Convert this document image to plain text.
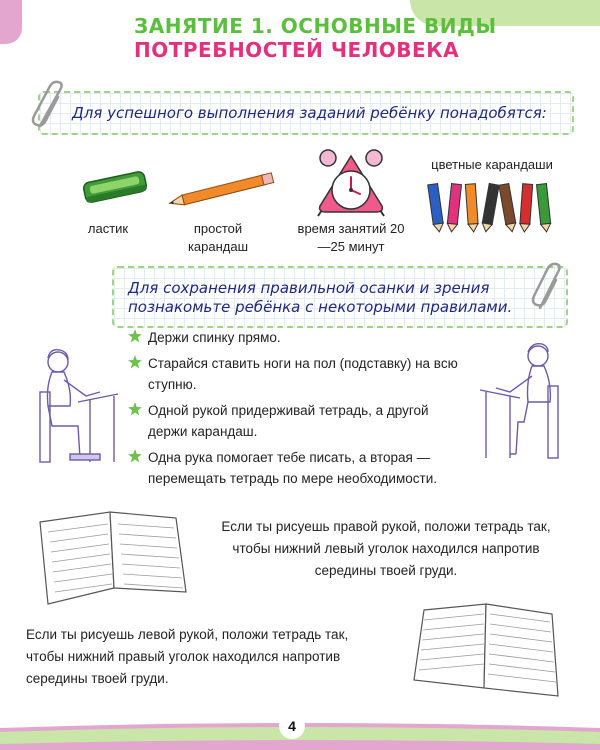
ЗАНЯТИЕ 1. ОСНОВНЫЕ ВИДЫ
ПОТРЕБНОСТЕЙ ЧЕЛОВЕКА
Для успешного выполнения заданий ребёнку понадобятся:
ластик	простой карандаш
время занятий 20—25 минут
цветные карандаши
Для сохранения правильной осанки и зрения
познакомьте ребёнка с некоторыми правилами.
Держи спинку прямо.
Старайся ставить ноги на пол (подставку) на всю ступню.
Одной рукой придерживай тетрадь, а другой держи карандаш.
Одна рука помогает тебе писать, а вторая — перемещать тетрадь по мере необходимости.
Если ты рисуешь правой рукой, положи тетрадь так, чтобы нижний левый уголок находился напротив середины твоей груди.
Если ты рисуешь левой рукой, положи тетрадь так, чтобы нижний правый уголок находился напротив середины твоей груди.
4
